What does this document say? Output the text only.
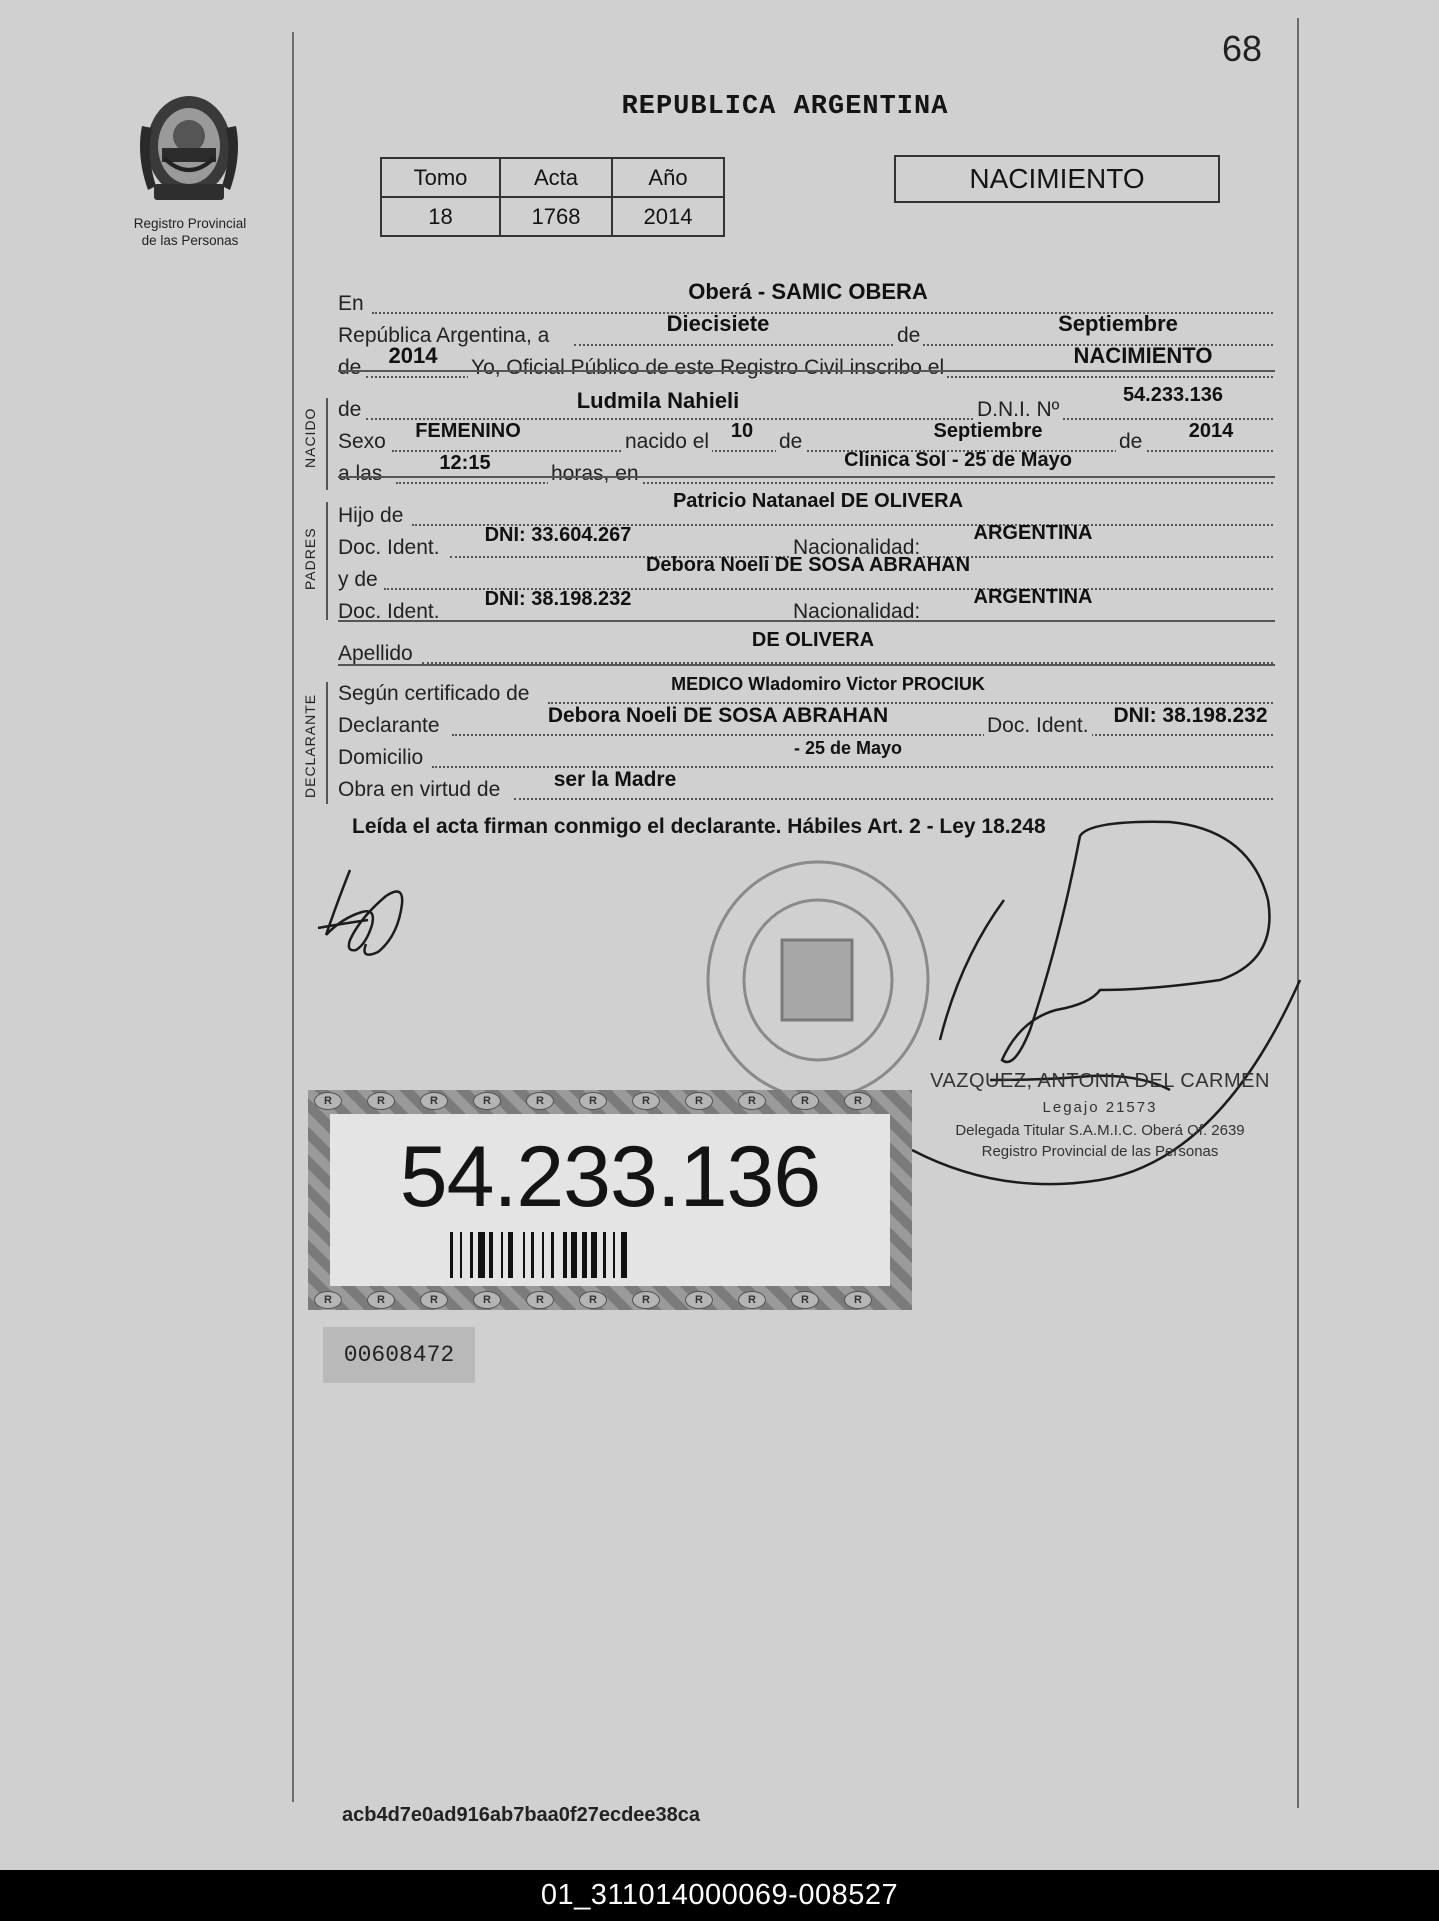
68
Registro Provincial
de las Personas
REPUBLICA ARGENTINA
Tomo	Acta	Año
18	1768	2014
NACIMIENTO
En	Oberá - SAMIC OBERA
República Argentina, a	Diecisiete	de	Septiembre
de	2014	Yo, Oficial Público de este Registro Civil inscribo el	NACIMIENTO
NACIDO de	Ludmila Nahieli	D.N.I. Nº
54.233.136
Sexo	FEMENINO	nacido el	10	de	Septiembre	de	2014
a las	12:15	horas, en
Clinica Sol - 25 de Mayo
PADRES
Hijo de
Patricio Natanael DE OLIVERA
Doc. Ident.
DNI: 33.604.267
Nacionalidad:
ARGENTINA
y de
Debora Noeli DE SOSA ABRAHAN
Doc. Ident.
DNI: 38.198.232
Nacionalidad:
ARGENTINA
Apellido
DE OLIVERA
DECLARANTE
Según certificado de	MEDICO Wladomiro Victor PROCIUK
Declarante	Debora Noeli DE SOSA ABRAHAN	Doc. Ident.	DNI: 38.198.232
Domicilio	- 25 de Mayo
Obra en virtud de	ser la Madre
Leída el acta firman conmigo el declarante. Hábiles Art. 2 - Ley 18.248
VAZQUEZ, ANTONIA DEL CARMEN
Legajo 21573
Delegada Titular S.A.M.I.C. Oberá Of. 2639
Registro Provincial de las Personas
R
R
R
R
R
R
R
R
R
R
R
R
R
R
R
R
R
R
R
R
R
R
54.233.136
00608472
acb4d7e0ad916ab7baa0f27ecdee38ca
01_311014000069-008527
